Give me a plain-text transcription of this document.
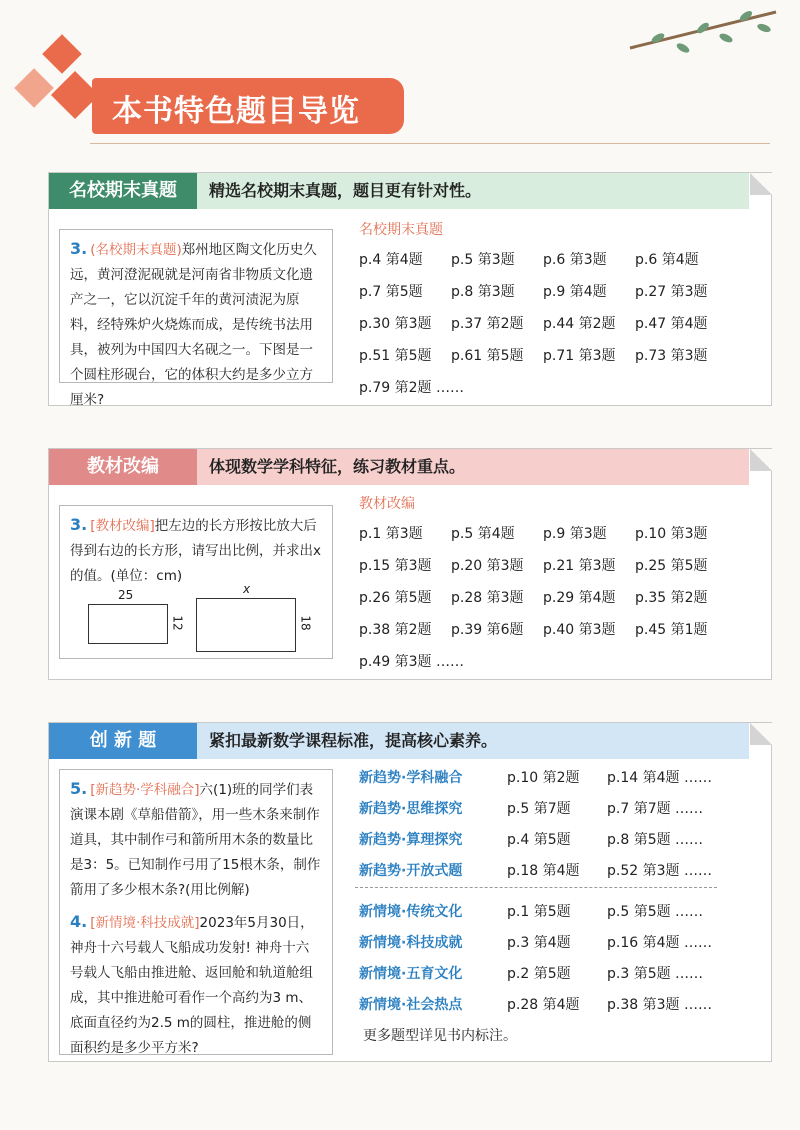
本书特色题目导览
名校期末真题	精选名校期末真题，题目更有针对性。
3. (名校期末真题)郑州地区陶文化历史久远，黄河澄泥砚就是河南省非物质文化遗产之一，它以沉淀千年的黄河渍泥为原料，经特殊炉火烧炼而成，是传统书法用具，被列为中国四大名砚之一。下图是一个圆柱形砚台，它的体积大约是多少立方厘米?
名校期末真题
p.4 第4题 p.5 第3题 p.6 第3题 p.6 第4题
p.7 第5题 p.8 第3题 p.9 第4题 p.27 第3题
p.30 第3题 p.37 第2题 p.44 第2题 p.47 第4题
p.51 第5题 p.61 第5题 p.71 第3题 p.73 第3题
p.79 第2题 ……
教材改编	体现数学学科特征，练习教材重点。
3. [教材改编]把左边的长方形按比放大后得到右边的长方形，请写出比例，并求出x的值。(单位：cm)
25
12
x
18
教材改编
p.1 第3题 p.5 第4题 p.9 第3题 p.10 第3题
p.15 第3题 p.20 第3题 p.21 第3题 p.25 第5题
p.26 第5题 p.28 第3题 p.29 第4题 p.35 第2题
p.38 第2题 p.39 第6题 p.40 第3题 p.45 第1题
p.49 第3题 ……
创 新 题	紧扣最新数学课程标准，提高核心素养。
5. [新趋势·学科融合]六(1)班的同学们表演课本剧《草船借箭》，用一些木条来制作道具，其中制作弓和箭所用木条的数量比是3：5。已知制作弓用了15根木条，制作箭用了多少根木条?(用比例解)
4. [新情境·科技成就]2023年5月30日，神舟十六号载人飞船成功发射! 神舟十六号载人飞船由推进舱、返回舱和轨道舱组成，其中推进舱可看作一个高约为3 m、底面直径约为2.5 m的圆柱，推进舱的侧面积约是多少平方米?
新趋势·学科融合	p.10 第2题 p.14 第4题 ……
新趋势·思维探究	p.5 第7题	p.7 第7题 ……
新趋势·算理探究	p.4 第5题	p.8 第5题 ……
新趋势·开放式题	p.18 第4题 p.52 第3题 ……
新情境·传统文化	p.1 第5题	p.5 第5题 ……
新情境·科技成就	p.3 第4题	p.16 第4题 ……
新情境·五育文化	p.2 第5题	p.3 第5题 ……
新情境·社会热点	p.28 第4题 p.38 第3题 ……
更多题型详见书内标注。
